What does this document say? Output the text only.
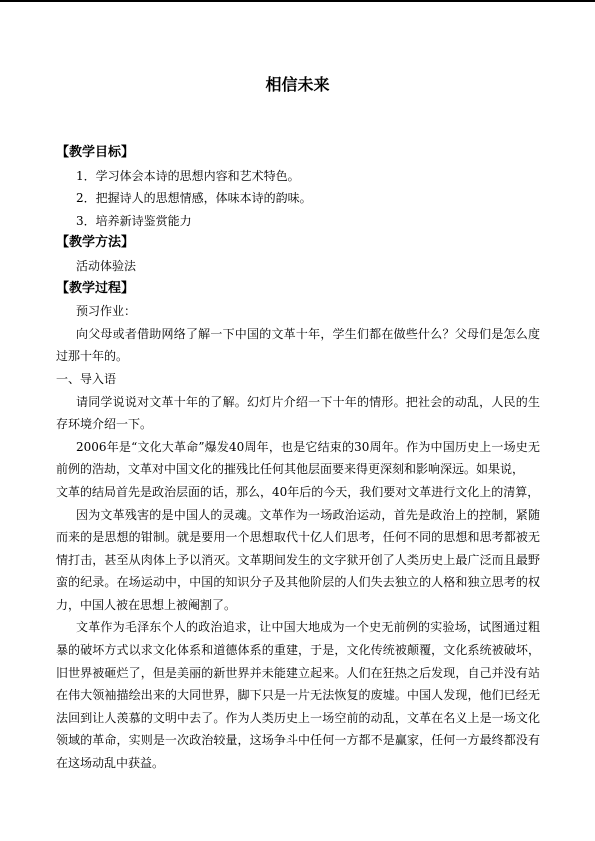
相信未来
【教学目标】
1．学习体会本诗的思想内容和艺术特色。
2．把握诗人的思想情感，体味本诗的韵味。
3．培养新诗鉴赏能力
【教学方法】
活动体验法
【教学过程】
预习作业：

向父母或者借助网络了解一下中国的文革十年，学生们都在做些什么？父母们是怎么度过那十年的。

一、导入语

请同学说说对文革十年的了解。幻灯片介绍一下十年的情形。把社会的动乱，人民的生存环境介绍一下。

2006年是“文化大革命”爆发40周年，也是它结束的30周年。作为中国历史上一场史无前例的浩劫，文革对中国文化的摧残比任何其他层面要来得更深刻和影响深远。如果说，

文革的结局首先是政治层面的话，那么，40年后的今天，我们要对文革进行文化上的清算，

因为文革残害的是中国人的灵魂。文革作为一场政治运动，首先是政治上的控制，紧随而来的是思想的钳制。就是要用一个思想取代十亿人们思考，任何不同的思想和思考都被无情打击，甚至从肉体上予以消灭。文革期间发生的文字狱开创了人类历史上最广泛而且最野蛮的纪录。在场运动中，中国的知识分子及其他阶层的人们失去独立的人格和独立思考的权力，中国人被在思想上被阉割了。

文革作为毛泽东个人的政治追求，让中国大地成为一个史无前例的实验场，试图通过粗暴的破坏方式以求文化体系和道德体系的重建，于是，文化传统被颠覆，文化系统被破坏，旧世界被砸烂了，但是美丽的新世界并未能建立起来。人们在狂热之后发现，自己并没有站在伟大领袖描绘出来的大同世界，脚下只是一片无法恢复的废墟。中国人发现，他们已经无法回到让人羡慕的文明中去了。作为人类历史上一场空前的动乱，文革在名义上是一场文化领域的革命，实则是一次政治较量，这场争斗中任何一方都不是赢家，任何一方最终都没有在这场动乱中获益。
